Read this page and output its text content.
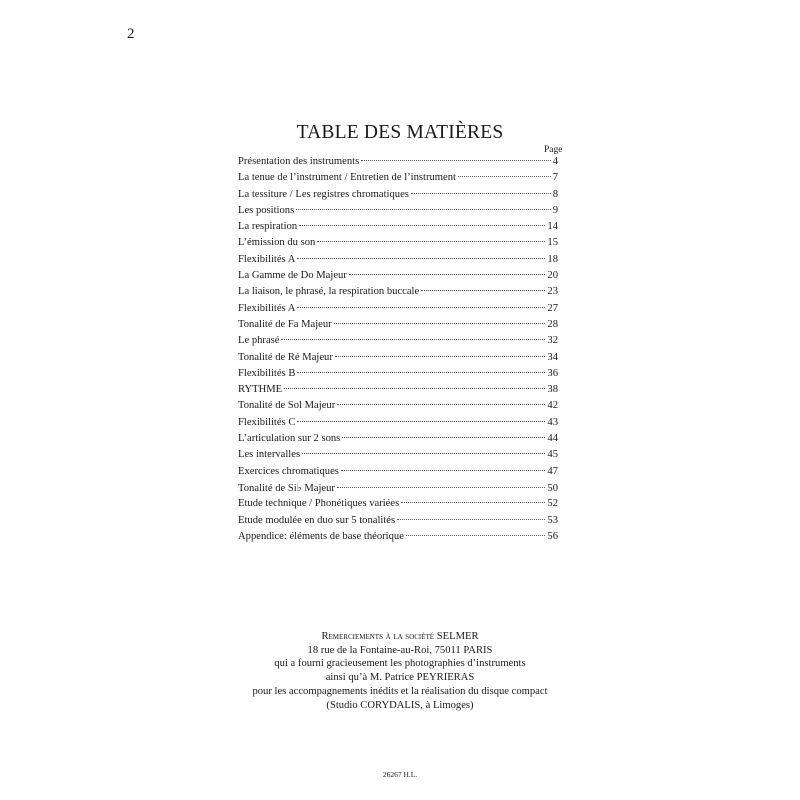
2
TABLE DES MATIÈRES
Page
Présentation des instruments	4
La tenue de l’instrument / Entretien de l’instrument	7
La tessiture / Les registres chromatiques	8
Les positions	9
La respiration	14
L’émission du son	15
Flexibilités A	18
La Gamme de Do Majeur	20
La liaison, le phrasé, la respiration buccale	23
Flexibilités A	27
Tonalité de Fa Majeur	28
Le phrasé	32
Tonalité de Ré Majeur	34
Flexibilités B	36
RYTHME	38
Tonalité de Sol Majeur	42
Flexibilités C	43
L’articulation sur 2 sons	44
Les intervalles	45
Exercices chromatiques	47
Tonalité de Si♭ Majeur	50
Etude technique / Phonétiques variées	52
Etude modulée en duo sur 5 tonalités	53
Appendice: éléments de base théorique	56
Remerciements à la société SELMER
18 rue de la Fontaine-au-Roi, 75011 PARIS
qui a fourni gracieusement les photographies d’instruments
ainsi qu’à M. Patrice PEYRIERAS
pour les accompagnements inédits et la réalisation du disque compact
(Studio CORYDALIS, à Limoges)
26267 H.L.
